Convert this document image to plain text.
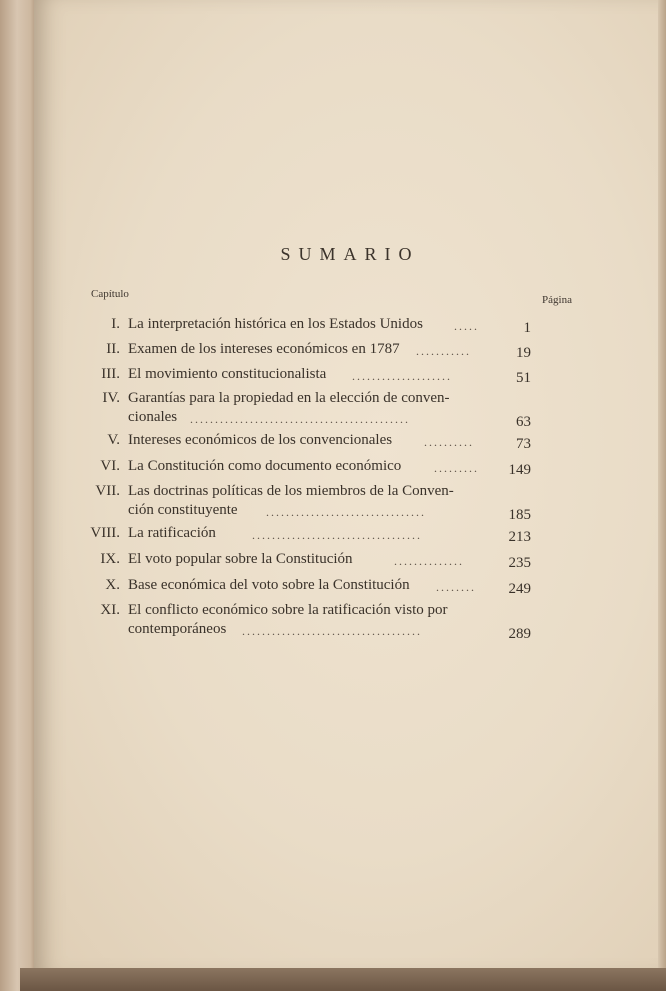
SUMARIO
Capítulo	Página
I. La interpretación histórica en los Estados Unidos	.....	1
II. Examen de los intereses económicos en 1787	...........	19
III. El movimiento constitucionalista	....................	51
IV. Garantías para la propiedad en la elección de conven-
cionales	............................................	63
V. Intereses económicos de los convencionales	..........	73
VI. La Constitución como documento económico	.........	149
VII. Las doctrinas políticas de los miembros de la Conven-
ción constituyente	................................	185
VIII. La ratificación	..................................	213
IX. El voto popular sobre la Constitución	..............	235
X. Base económica del voto sobre la Constitución	........	249
XI. El conflicto económico sobre la ratificación visto por
contemporáneos	....................................	289
